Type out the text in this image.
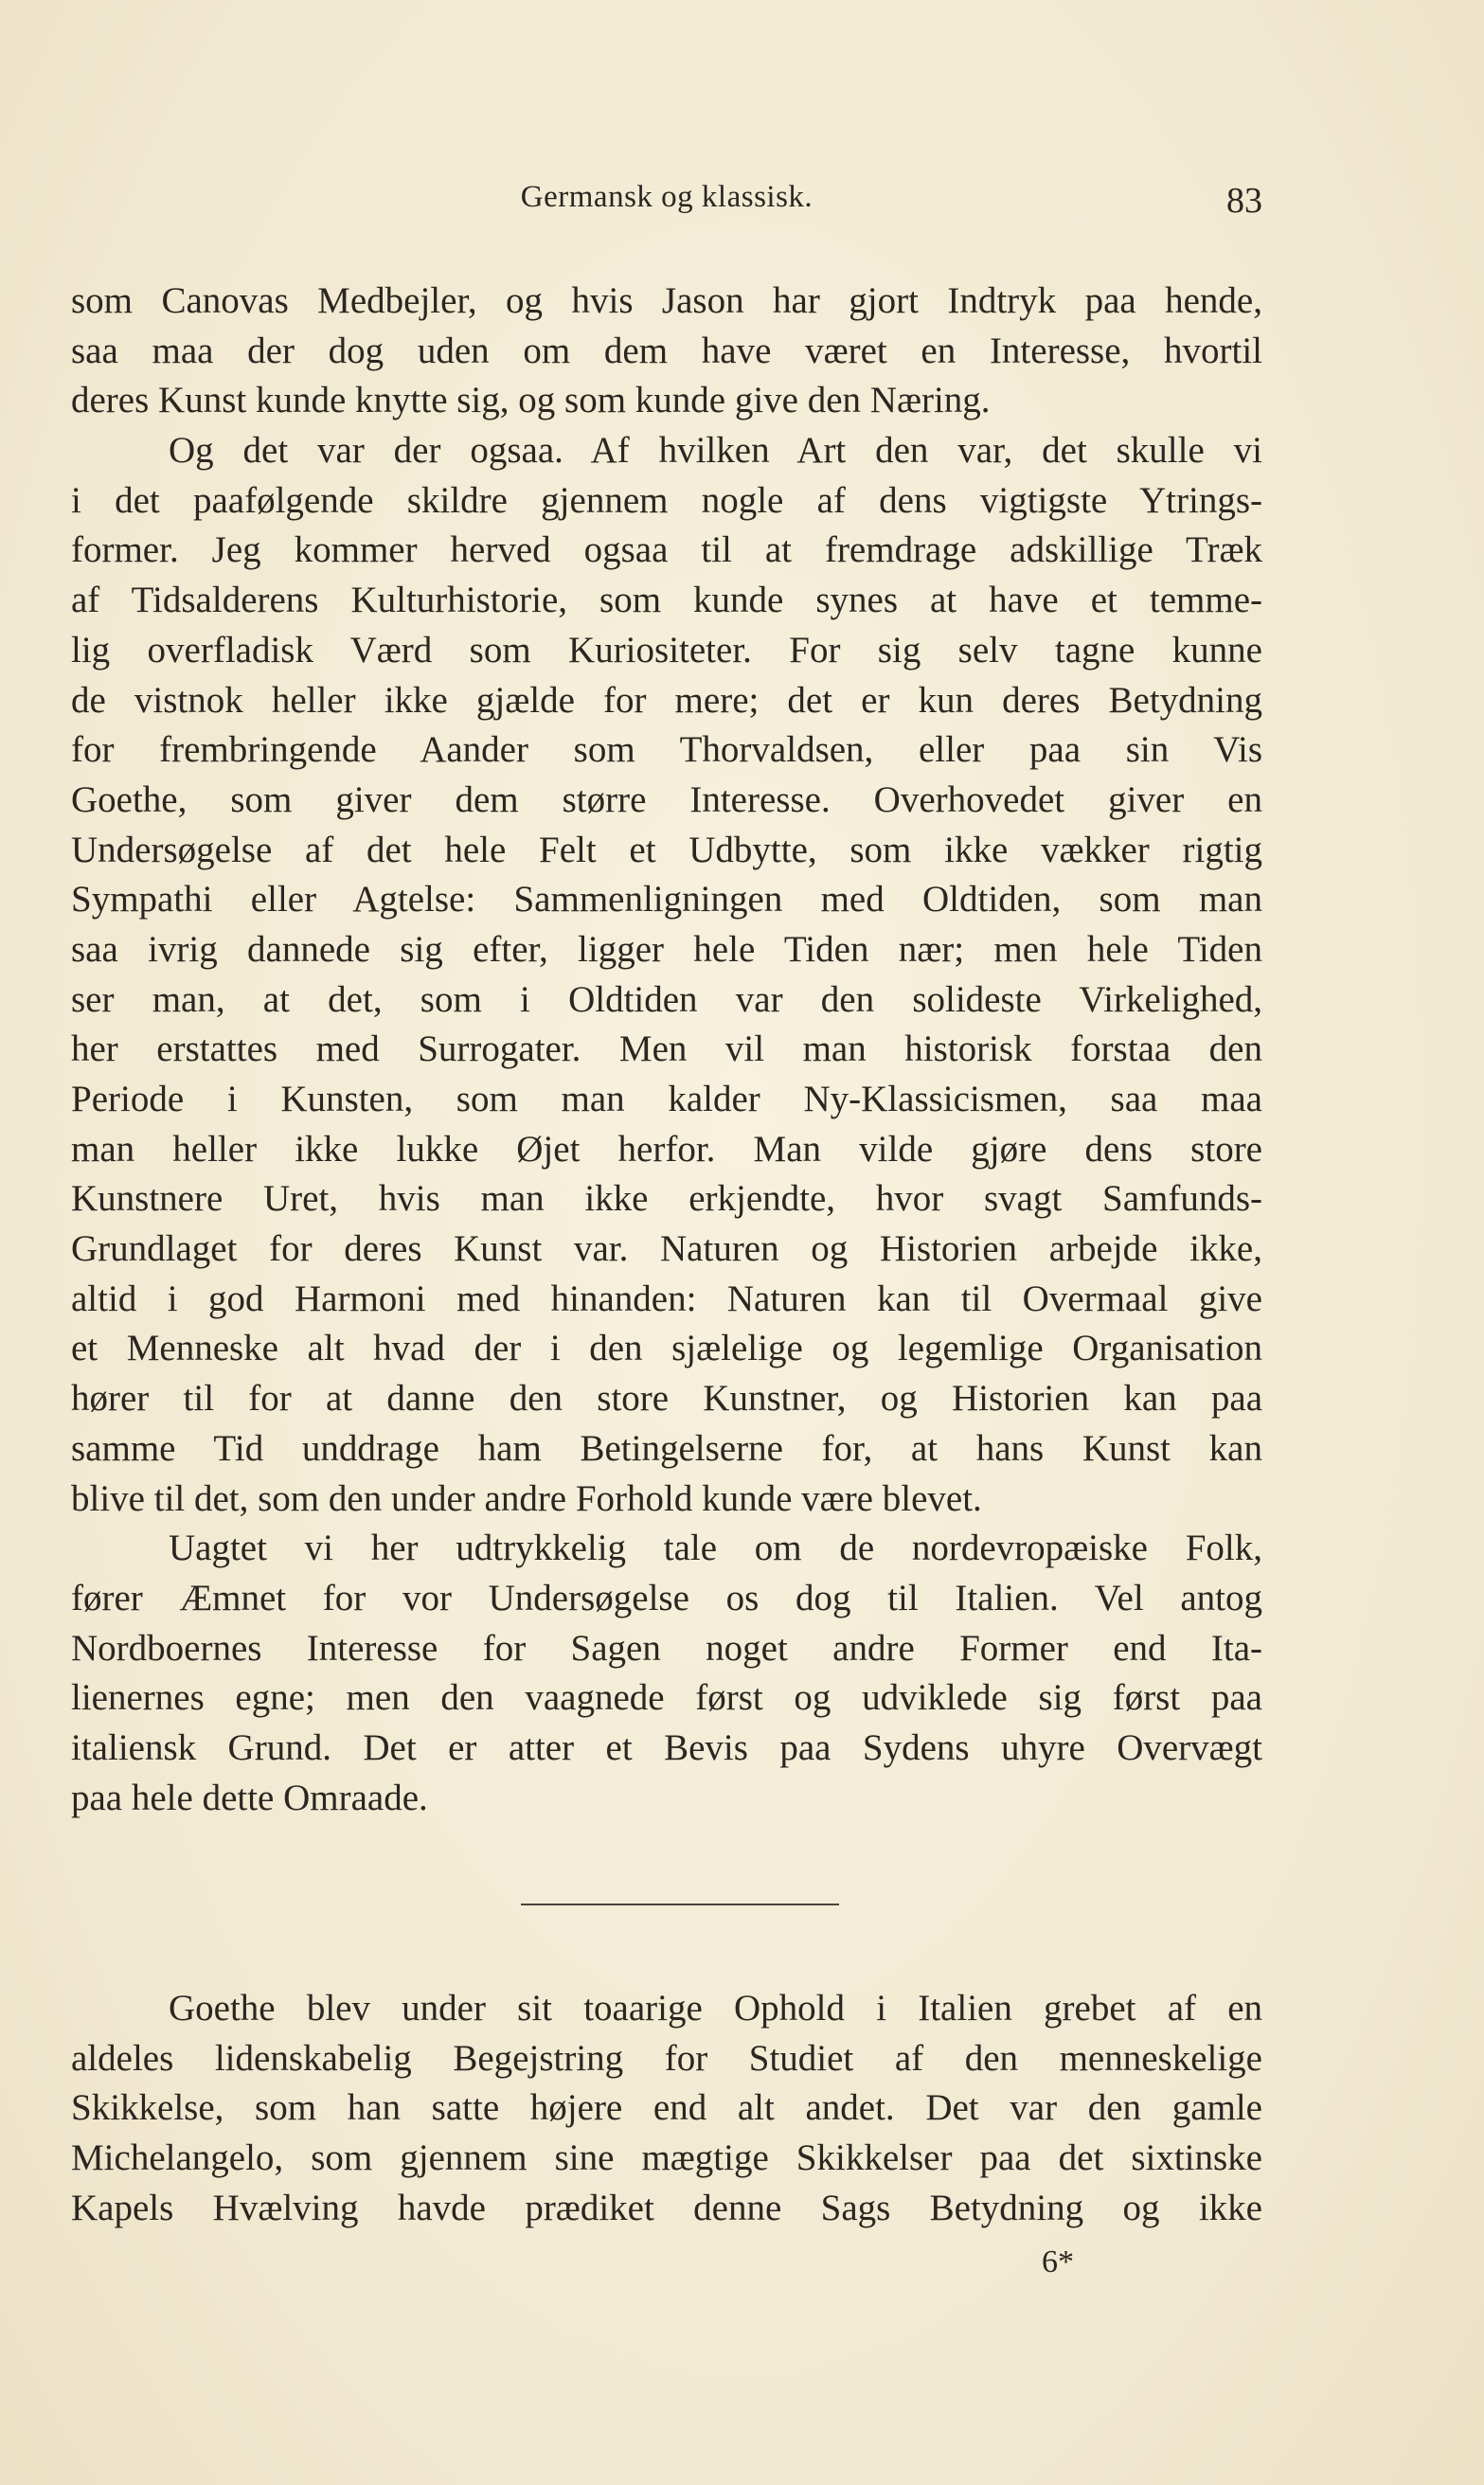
Germansk og klassisk.	83
som Canovas Medbejler, og hvis Jason har gjort Indtryk paa hende,
saa maa der dog uden om dem have været en Interesse, hvortil
deres Kunst kunde knytte sig, og som kunde give den Næring.
Og det var der ogsaa. Af hvilken Art den var, det skulle vi
i det paafølgende skildre gjennem nogle af dens vigtigste Ytrings-
former. Jeg kommer herved ogsaa til at fremdrage adskillige Træk
af Tidsalderens Kulturhistorie, som kunde synes at have et temme-
lig overfladisk Værd som Kuriositeter. For sig selv tagne kunne
de vistnok heller ikke gjælde for mere; det er kun deres Betydning
for frembringende Aander som Thorvaldsen, eller paa sin Vis
Goethe, som giver dem større Interesse. Overhovedet giver en
Undersøgelse af det hele Felt et Udbytte, som ikke vækker rigtig
Sympathi eller Agtelse: Sammenligningen med Oldtiden, som man
saa ivrig dannede sig efter, ligger hele Tiden nær; men hele Tiden
ser man, at det, som i Oldtiden var den solideste Virkelighed,
her erstattes med Surrogater. Men vil man historisk forstaa den
Periode i Kunsten, som man kalder Ny-Klassicismen, saa maa
man heller ikke lukke Øjet herfor. Man vilde gjøre dens store
Kunstnere Uret, hvis man ikke erkjendte, hvor svagt Samfunds-
Grundlaget for deres Kunst var. Naturen og Historien arbejde ikke,
altid i god Harmoni med hinanden: Naturen kan til Overmaal give
et Menneske alt hvad der i den sjælelige og legemlige Organisation
hører til for at danne den store Kunstner, og Historien kan paa
samme Tid unddrage ham Betingelserne for, at hans Kunst kan
blive til det, som den under andre Forhold kunde være blevet.
Uagtet vi her udtrykkelig tale om de nordevropæiske Folk,
fører Æmnet for vor Undersøgelse os dog til Italien. Vel antog
Nordboernes Interesse for Sagen noget andre Former end Ita-
lienernes egne; men den vaagnede først og udviklede sig først paa
italiensk Grund. Det er atter et Bevis paa Sydens uhyre Overvægt
paa hele dette Omraade.
Goethe blev under sit toaarige Ophold i Italien grebet af en
aldeles lidenskabelig Begejstring for Studiet af den menneskelige
Skikkelse, som han satte højere end alt andet. Det var den gamle
Michelangelo, som gjennem sine mægtige Skikkelser paa det sixtinske
Kapels Hvælving havde prædiket denne Sags Betydning og ikke
6*
